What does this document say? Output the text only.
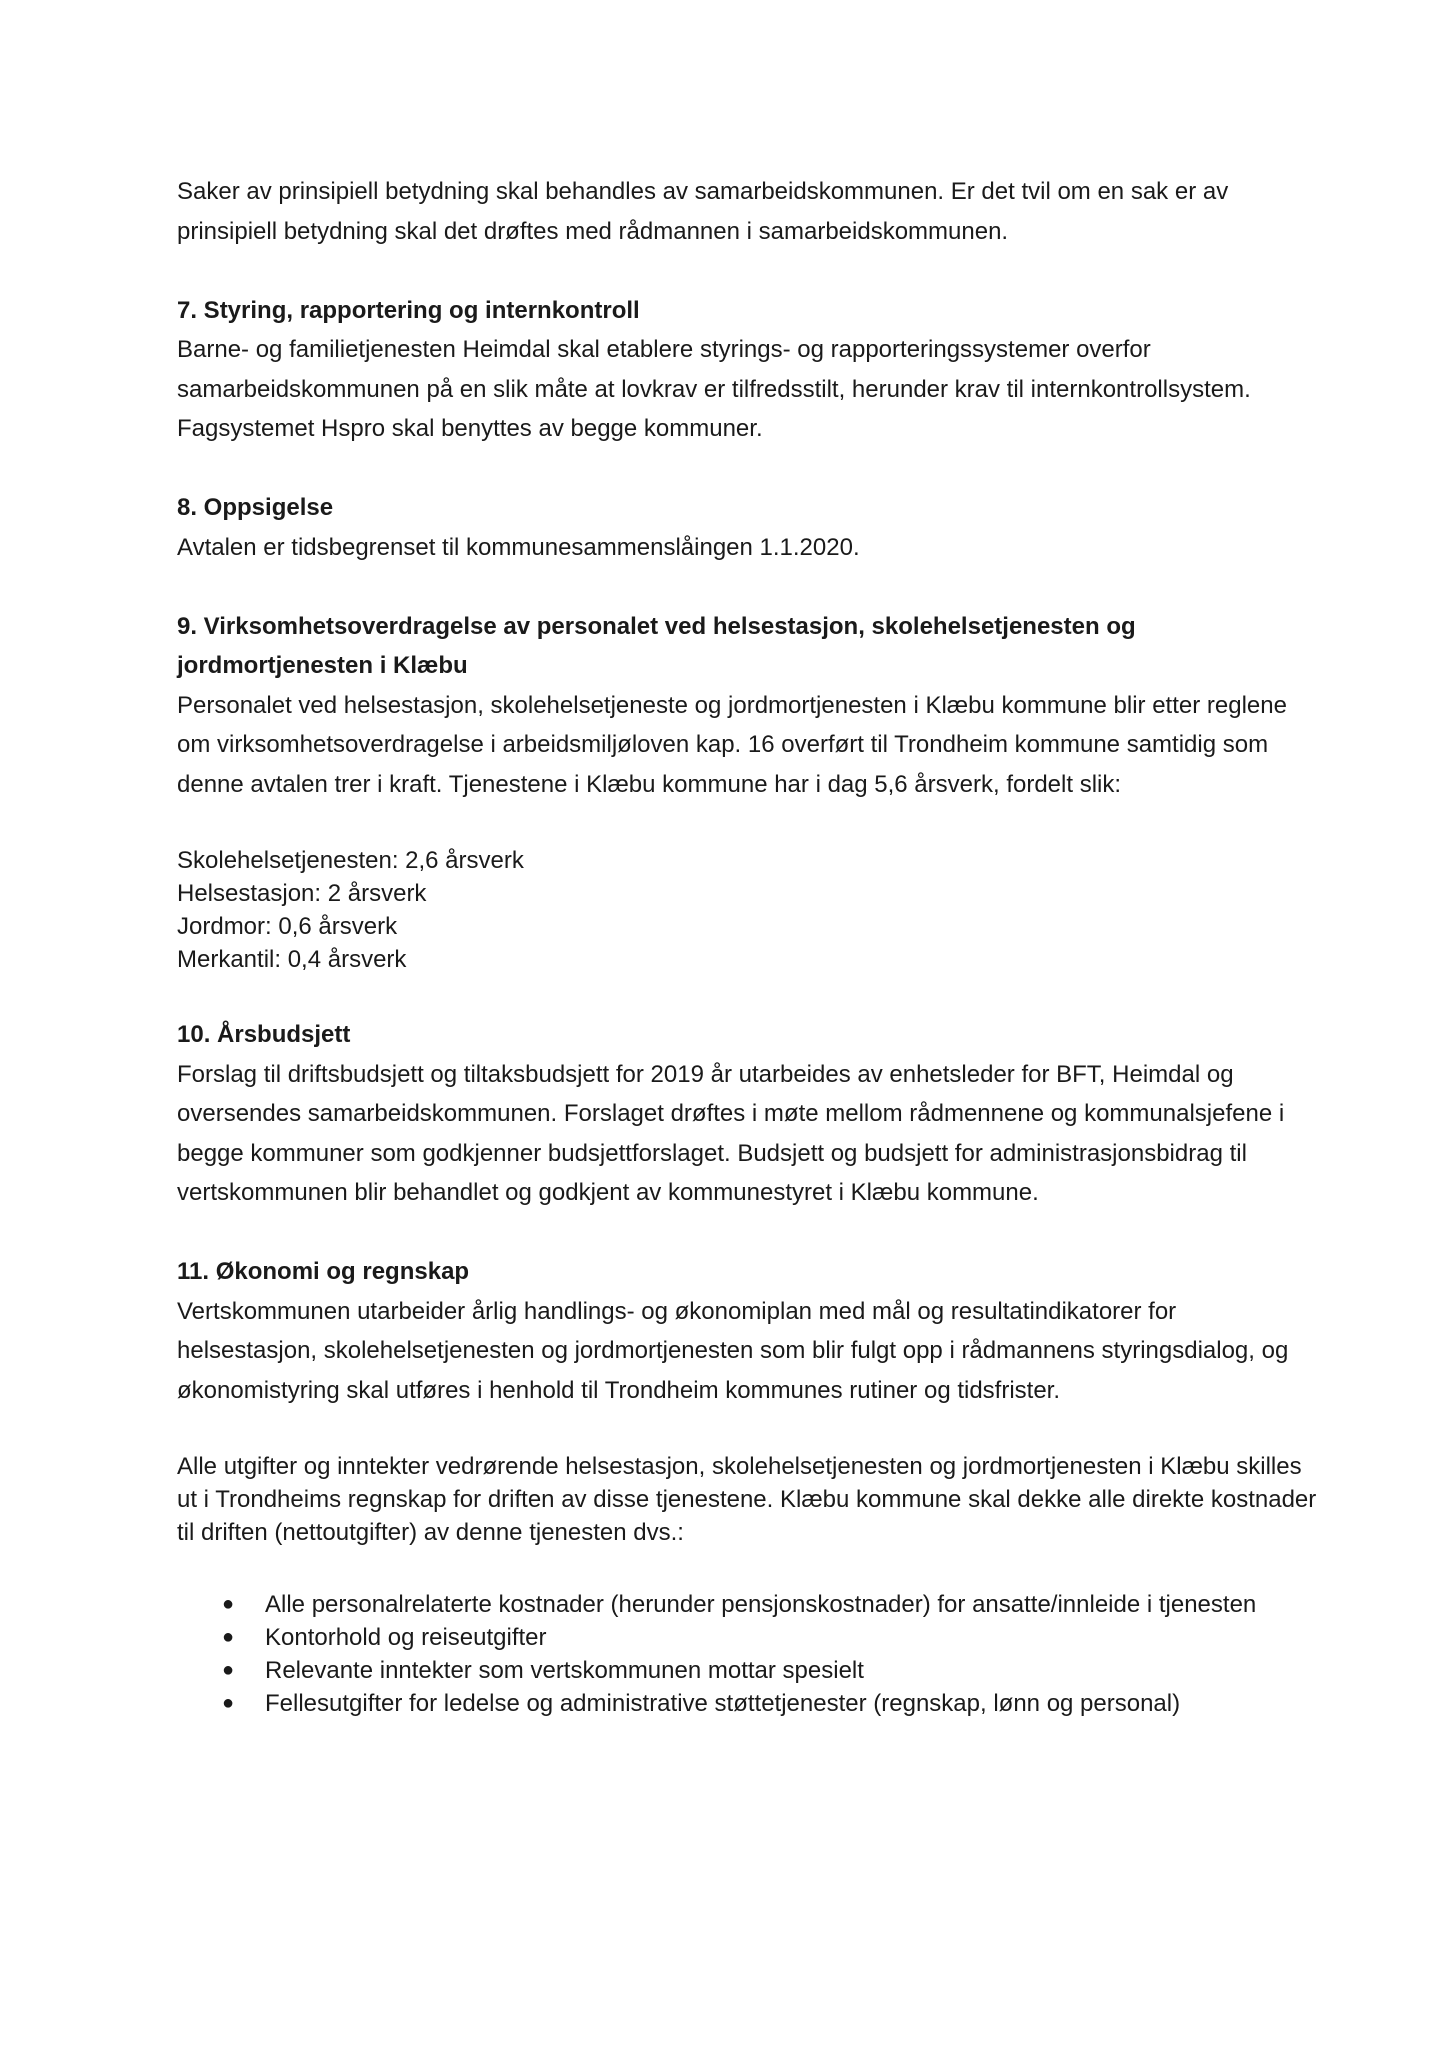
Saker av prinsipiell betydning skal behandles av samarbeidskommunen. Er det tvil om en sak er av prinsipiell betydning skal det drøftes med rådmannen i samarbeidskommunen.

7. Styring, rapportering og internkontroll

Barne- og familietjenesten Heimdal skal etablere styrings- og rapporteringssystemer overfor samarbeidskommunen på en slik måte at lovkrav er tilfredsstilt, herunder krav til internkontrollsystem. Fagsystemet Hspro skal benyttes av begge kommuner.

8. Oppsigelse

Avtalen er tidsbegrenset til kommunesammenslåingen 1.1.2020.

9. Virksomhetsoverdragelse av personalet ved helsestasjon, skolehelsetjenesten og jordmortjenesten i Klæbu

Personalet ved helsestasjon, skolehelsetjeneste og jordmortjenesten i Klæbu kommune blir etter reglene om virksomhetsoverdragelse i arbeidsmiljøloven kap. 16 overført til Trondheim kommune samtidig som denne avtalen trer i kraft. Tjenestene i Klæbu kommune har i dag 5,6 årsverk, fordelt slik:

Skolehelsetjenesten: 2,6 årsverk

Helsestasjon: 2 årsverk

Jordmor: 0,6 årsverk

Merkantil: 0,4 årsverk

10. Årsbudsjett

Forslag til driftsbudsjett og tiltaksbudsjett for 2019 år utarbeides av enhetsleder for BFT, Heimdal og oversendes samarbeidskommunen. Forslaget drøftes i møte mellom rådmennene og kommunalsjefene i begge kommuner som godkjenner budsjettforslaget. Budsjett og budsjett for administrasjonsbidrag til vertskommunen blir behandlet og godkjent av kommunestyret i Klæbu kommune.

11. Økonomi og regnskap

Vertskommunen utarbeider årlig handlings- og økonomiplan med mål og resultatindikatorer for helsestasjon, skolehelsetjenesten og jordmortjenesten som blir fulgt opp i rådmannens styringsdialog, og økonomistyring skal utføres i henhold til Trondheim kommunes rutiner og tidsfrister.

Alle utgifter og inntekter vedrørende helsestasjon, skolehelsetjenesten og jordmortjenesten i Klæbu skilles ut i Trondheims regnskap for driften av disse tjenestene. Klæbu kommune skal dekke alle direkte kostnader til driften (nettoutgifter) av denne tjenesten dvs.:

● Alle personalrelaterte kostnader (herunder pensjonskostnader) for ansatte/innleide i tjenesten
● Kontorhold og reiseutgifter
● Relevante inntekter som vertskommunen mottar spesielt
● Fellesutgifter for ledelse og administrative støttetjenester (regnskap, lønn og personal)
